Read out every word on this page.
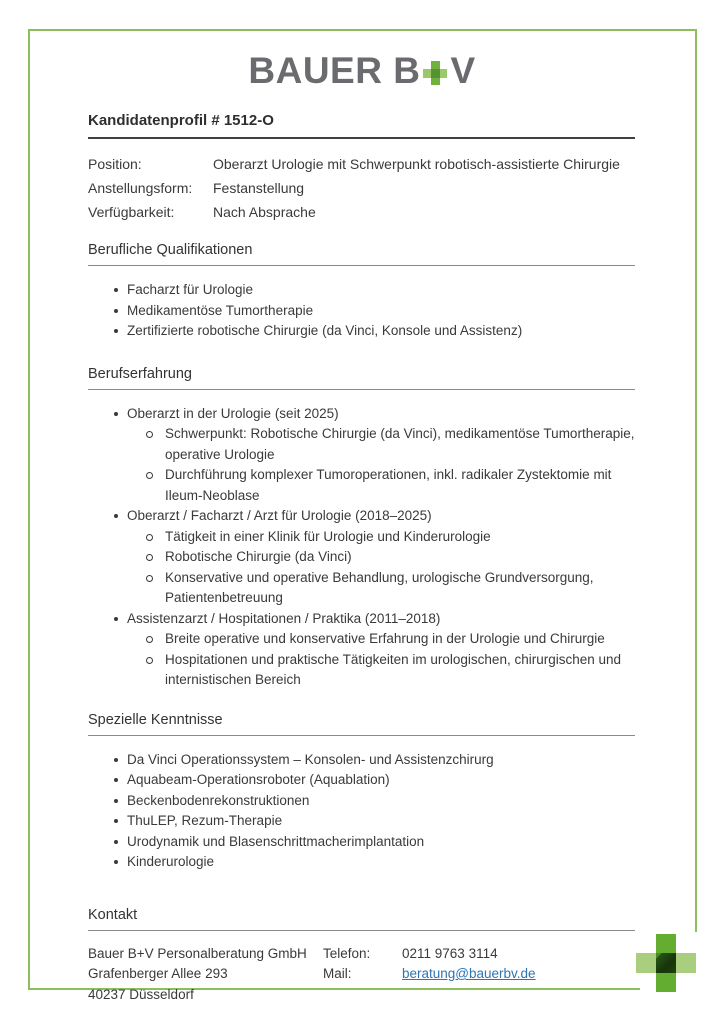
BAUER B V
Kandidatenprofil # 1512-O
Position:	Oberarzt Urologie mit Schwerpunkt robotisch-assistierte Chirurgie
Anstellungsform:	Festanstellung
Verfügbarkeit:	Nach Absprache
Berufliche Qualifikationen
Facharzt für Urologie
Medikamentöse Tumortherapie
Zertifizierte robotische Chirurgie (da Vinci, Konsole und Assistenz)
Berufserfahrung
Oberarzt in der Urologie (seit 2025)
Schwerpunkt: Robotische Chirurgie (da Vinci), medikamentöse Tumortherapie, operative Urologie
Durchführung komplexer Tumoroperationen, inkl. radikaler Zystektomie mit Ileum-Neoblase
Oberarzt / Facharzt / Arzt für Urologie (2018–2025)
Tätigkeit in einer Klinik für Urologie und Kinderurologie
Robotische Chirurgie (da Vinci)
Konservative und operative Behandlung, urologische Grundversorgung, Patientenbetreuung
Assistenzarzt / Hospitationen / Praktika (2011–2018)
Breite operative und konservative Erfahrung in der Urologie und Chirurgie
Hospitationen und praktische Tätigkeiten im urologischen, chirurgischen und internistischen Bereich
Spezielle Kenntnisse
Da Vinci Operationssystem – Konsolen- und Assistenzchirurg
Aquabeam-Operationsroboter (Aquablation)
Beckenbodenrekonstruktionen
ThuLEP, Rezum-Therapie
Urodynamik und Blasenschrittmacherimplantation
Kinderurologie
Kontakt
Bauer B+V Personalberatung GmbH
Grafenberger Allee 293
40237 Düsseldorf
Telefon:	0211 9763 3114
Mail:	beratung@bauerbv.de
